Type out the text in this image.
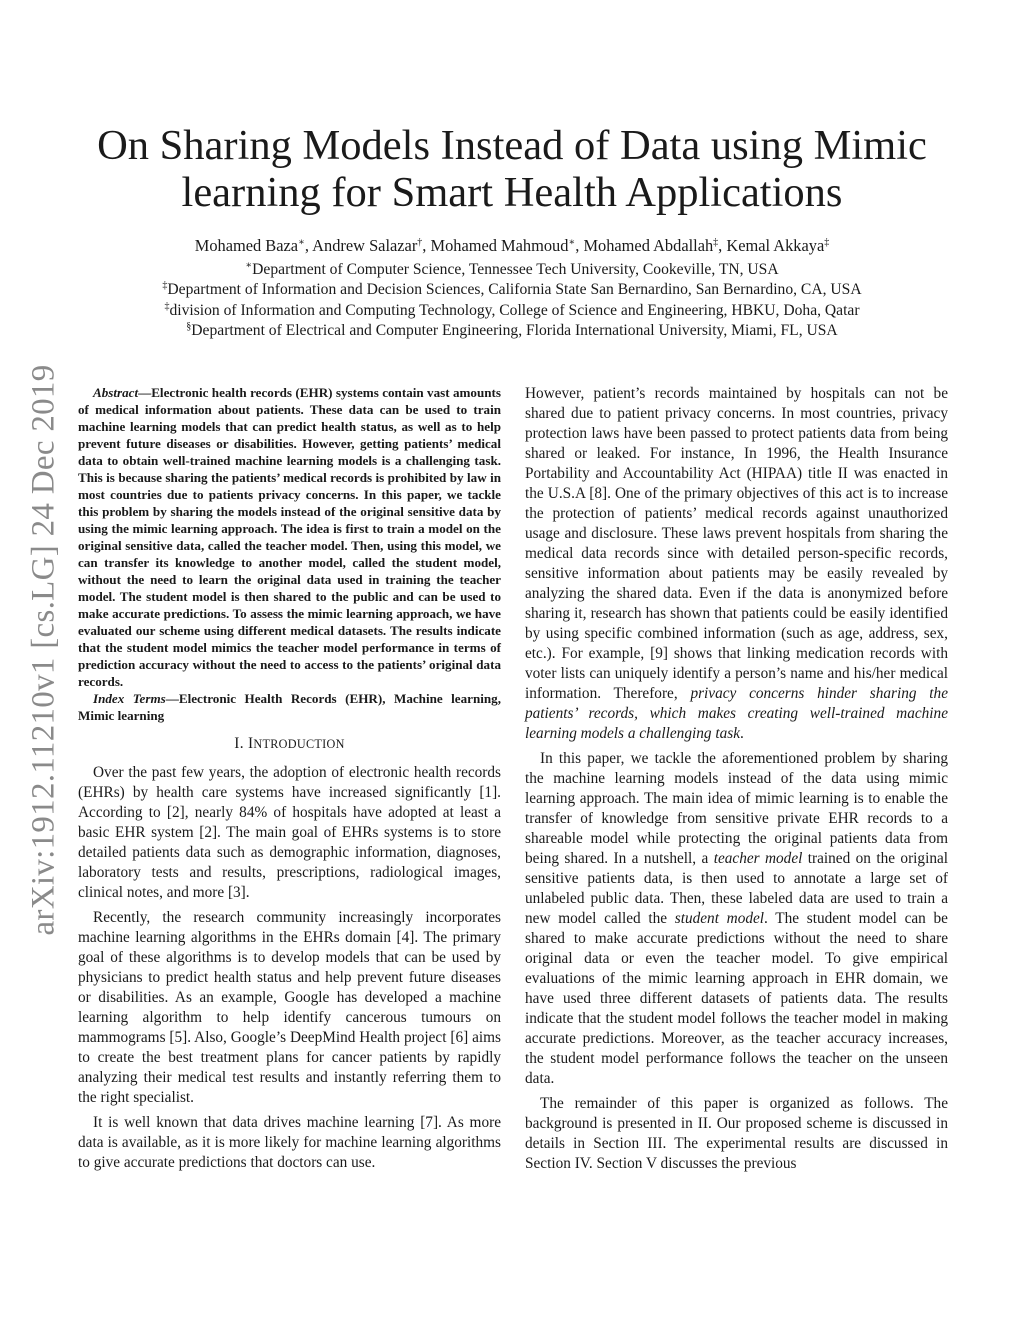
arXiv:1912.11210v1 [cs.LG] 24 Dec 2019
On Sharing Models Instead of Data using Mimic
learning for Smart Health Applications
Mohamed Baza∗, Andrew Salazar†, Mohamed Mahmoud∗, Mohamed Abdallah‡, Kemal Akkaya‡
∗Department of Computer Science, Tennessee Tech University, Cookeville, TN, USA
‡Department of Information and Decision Sciences, California State San Bernardino, San Bernardino, CA, USA
‡division of Information and Computing Technology, College of Science and Engineering, HBKU, Doha, Qatar
§Department of Electrical and Computer Engineering, Florida International University, Miami, FL, USA

Abstract—Electronic health records (EHR) systems contain vast amounts of medical information about patients. These data can be used to train machine learning models that can predict health status, as well as to help prevent future diseases or disabilities. However, getting patients’ medical data to obtain well-trained machine learning models is a challenging task. This is because sharing the patients’ medical records is prohibited by law in most countries due to patients privacy concerns. In this paper, we tackle this problem by sharing the models instead of the original sensitive data by using the mimic learning approach. The idea is first to train a model on the original sensitive data, called the teacher model. Then, using this model, we can transfer its knowledge to another model, called the student model, without the need to learn the original data used in training the teacher model. The student model is then shared to the public and can be used to make accurate predictions. To assess the mimic learning approach, we have evaluated our scheme using different medical datasets. The results indicate that the student model mimics the teacher model performance in terms of prediction accuracy without the need to access to the patients’ original data records.

Index Terms—Electronic Health Records (EHR), Machine learning, Mimic learning

I. INTRODUCTION

Over the past few years, the adoption of electronic health records (EHRs) by health care systems have increased significantly [1]. According to [2], nearly 84% of hospitals have adopted at least a basic EHR system [2]. The main goal of EHRs systems is to store detailed patients data such as demographic information, diagnoses, laboratory tests and results, prescriptions, radiological images, clinical notes, and more [3].

Recently, the research community increasingly incorporates machine learning algorithms in the EHRs domain [4]. The primary goal of these algorithms is to develop models that can be used by physicians to predict health status and help prevent future diseases or disabilities. As an example, Google has developed a machine learning algorithm to help identify cancerous tumours on mammograms [5]. Also, Google’s DeepMind Health project [6] aims to create the best treatment plans for cancer patients by rapidly analyzing their medical test results and instantly referring them to the right specialist.

It is well known that data drives machine learning [7]. As more data is available, as it is more likely for machine learning algorithms to give accurate predictions that doctors can use.

However, patient’s records maintained by hospitals can not be shared due to patient privacy concerns. In most countries, privacy protection laws have been passed to protect patients data from being shared or leaked. For instance, In 1996, the Health Insurance Portability and Accountability Act (HIPAA) title II was enacted in the U.S.A [8]. One of the primary objectives of this act is to increase the protection of patients’ medical records against unauthorized usage and disclosure. These laws prevent hospitals from sharing the medical data records since with detailed person-specific records, sensitive information about patients may be easily revealed by analyzing the shared data. Even if the data is anonymized before sharing it, research has shown that patients could be easily identified by using specific combined information (such as age, address, sex, etc.). For example, [9] shows that linking medication records with voter lists can uniquely identify a person’s name and his/her medical information. Therefore, privacy concerns hinder sharing the patients’ records, which makes creating well-trained machine learning models a challenging task.

In this paper, we tackle the aforementioned problem by sharing the machine learning models instead of the data using mimic learning approach. The main idea of mimic learning is to enable the transfer of knowledge from sensitive private EHR records to a shareable model while protecting the original patients data from being shared. In a nutshell, a teacher model trained on the original sensitive patients data, is then used to annotate a large set of unlabeled public data. Then, these labeled data are used to train a new model called the student model. The student model can be shared to make accurate predictions without the need to share original data or even the teacher model. To give empirical evaluations of the mimic learning approach in EHR domain, we have used three different datasets of patients data. The results indicate that the student model follows the teacher model in making accurate predictions. Moreover, as the teacher accuracy increases, the student model performance follows the teacher on the unseen data.

The remainder of this paper is organized as follows. The background is presented in II. Our proposed scheme is discussed in details in Section III. The experimental results are discussed in Section IV. Section V discusses the previous
